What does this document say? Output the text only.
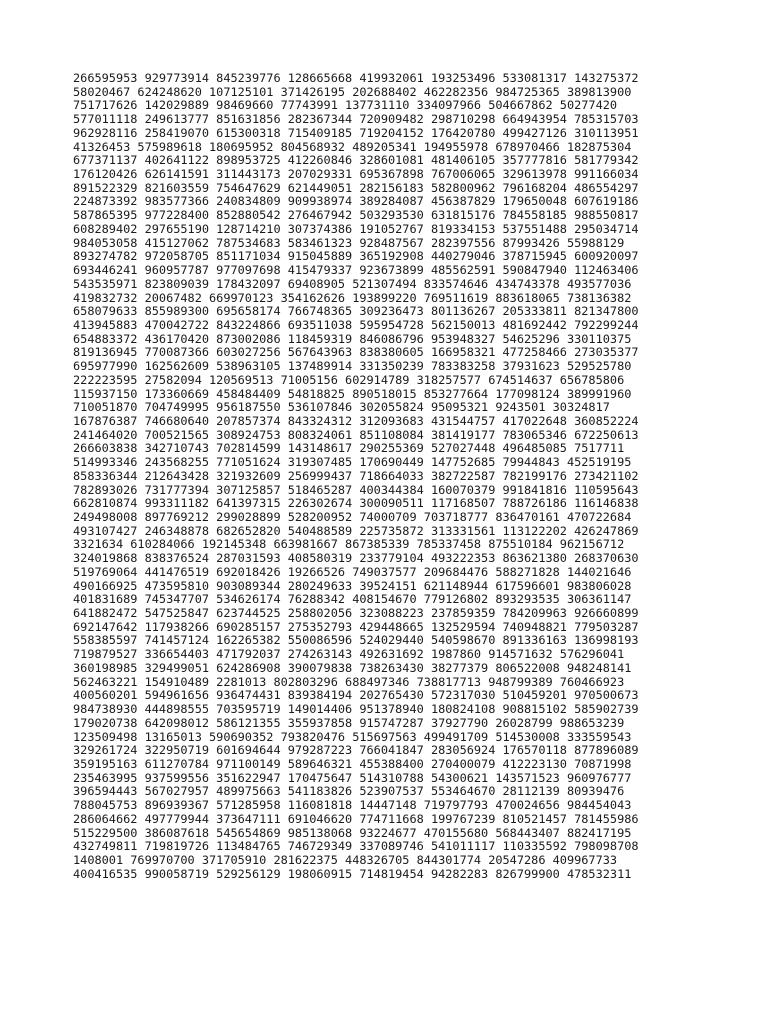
266595953 929773914 845239776 128665668 419932061 193253496 533081317 143275372
58020467 624248620 107125101 371426195 202688402 462282356 984725365 389813900
751717626 142029889 98469660 77743991 137731110 334097966 504667862 50277420
577011118 249613777 851631856 282367344 720909482 298710298 664943954 785315703
962928116 258419070 615300318 715409185 719204152 176420780 499427126 310113951
41326453 575989618 180695952 804568932 489205341 194955978 678970466 182875304
677371137 402641122 898953725 412260846 328601081 481406105 357777816 581779342
176120426 626141591 311443173 207029331 695367898 767006065 329613978 991166034
891522329 821603559 754647629 621449051 282156183 582800962 796168204 486554297
224873392 983577366 240834809 909938974 389284087 456387829 179650048 607619186
587865395 977228400 852880542 276467942 503293530 631815176 784558185 988550817
608289402 297655190 128714210 307374386 191052767 819334153 537551488 295034714
984053058 415127062 787534683 583461323 928487567 282397556 87993426 55988129
893274782 972058705 851171034 915045889 365192908 440279046 378715945 600920097
693446241 960957787 977097698 415479337 923673899 485562591 590847940 112463406
543535971 823809039 178432097 69408905 521307494 833574646 434743378 493577036
419832732 20067482 669970123 354162626 193899220 769511619 883618065 738136382
658079633 855989300 695658174 766748365 309236473 801136267 205333811 821347800
413945883 470042722 843224866 693511038 595954728 562150013 481692442 792299244
654883372 436170420 873002086 118459319 846086796 953948327 54625296 330110375
819136945 770087366 603027256 567643963 838380605 166958321 477258466 273035377
695977990 162562609 538963105 137489914 331350239 783383258 37931623 529525780
222223595 27582094 120569513 71005156 602914789 318257577 674514637 656785806
115937150 173360669 458484409 54818825 890518015 853277664 177098124 389991960
710051870 704749995 956187550 536107846 302055824 95095321 9243501 30324817
167876387 746680640 207857374 843324312 312093683 431544757 417022648 360852224
241464020 700521565 308924753 808324061 851108084 381419177 783065346 672250613
266603838 342710743 702814599 143148617 290255369 527027448 496485085 7517711
514993346 243568255 771051624 319307485 170690449 147752685 79944843 452519195
858336344 212643428 321932609 256999437 718664033 382722587 782199176 273421102
782893026 731777394 307125857 518465287 400344384 160070379 991841816 110595643
662810874 993311182 641397315 226302674 300090511 117168507 788726186 116146838
249498008 897769212 299028899 528200952 74000709 703718777 836470161 470722684
493107427 246348878 682652820 540488589 225735872 313331561 113122202 426247869
3321634 610284066 192145348 663981667 867385339 785337458 875510184 962156712
324019868 838376524 287031593 408580319 233779104 493222353 863621380 268370630
519769064 441476519 692018426 19266526 749037577 209684476 588271828 144021646
490166925 473595810 903089344 280249633 39524151 621148944 617596601 983806028
401831689 745347707 534626174 76288342 408154670 779126802 893293535 306361147
641882472 547525847 623744525 258802056 323088223 237859359 784209963 926660899
692147642 117938266 690285157 275352793 429448665 132529594 740948821 779503287
558385597 741457124 162265382 550086596 524029440 540598670 891336163 136998193
719879527 336654403 471792037 274263143 492631692 1987860 914571632 576296041
360198985 329499051 624286908 390079838 738263430 38277379 806522008 948248141
562463221 154910489 2281013 802803296 688497346 738817713 948799389 760466923
400560201 594961656 936474431 839384194 202765430 572317030 510459201 970500673
984738930 444898555 703595719 149014406 951378940 180824108 908815102 585902739
179020738 642098012 586121355 355937858 915747287 37927790 26028799 988653239
123509498 13165013 590690352 793820476 515697563 499491709 514530008 333559543
329261724 322950719 601694644 979287223 766041847 283056924 176570118 877896089
359195163 611270784 971100149 589646321 455388400 270400079 412223130 70871998
235463995 937599556 351622947 170475647 514310788 54300621 143571523 960976777
396594443 567027957 489975663 541183826 523907537 553464670 28112139 80939476
788045753 896939367 571285958 116081818 14447148 719797793 470024656 984454043
286064662 497779944 373647111 691046620 774711668 199767239 810521457 781455986
515229500 386087618 545654869 985138068 93224677 470155680 568443407 882417195
432749811 719819726 113484765 746729349 337089746 541011117 110335592 798098708
1408001 769970700 371705910 281622375 448326705 844301774 20547286 409967733
400416535 990058719 529256129 198060915 714819454 94282283 826799900 478532311
